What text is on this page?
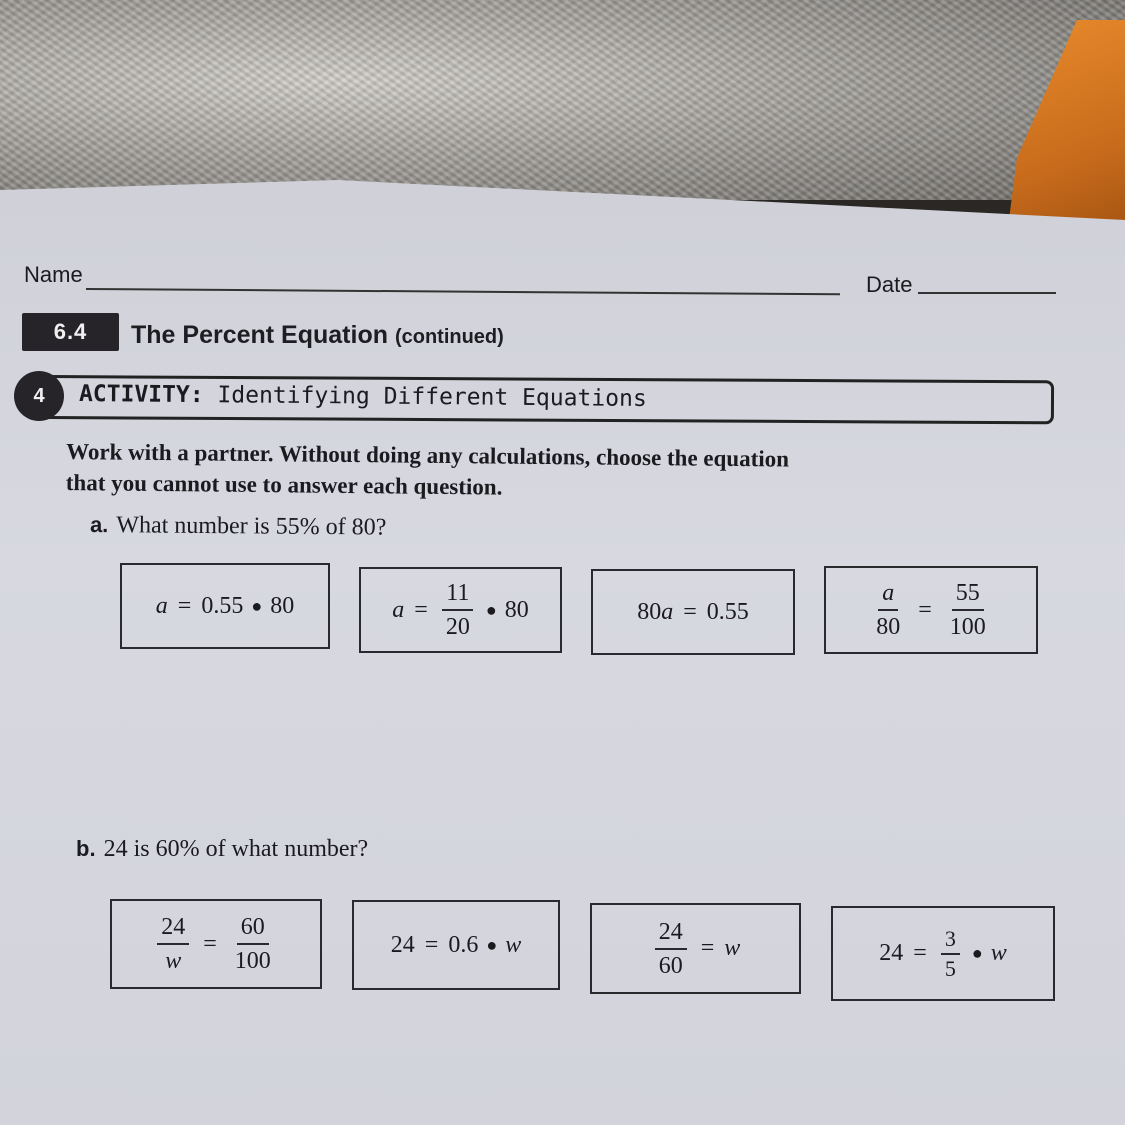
Name	Date
6.4	The Percent Equation (continued)
4	ACTIVITY: Identifying Different Equations
Work with a partner. Without doing any calculations, choose the equation
that you cannot use to answer each question.
a. What number is 55% of 80?
a = 0.55 ● 80	$a = \frac{11}{20}$ ● 80	80 a = 0.55	$\frac{a}{80} = \frac{55}{100}$
b. 24 is 60% of what number?
$\frac{24}{w} = \frac{60}{100}$	24 = 0.6 ● w	$\frac{24}{60} = w$	$24 = \frac{3}{5}$ ● w
